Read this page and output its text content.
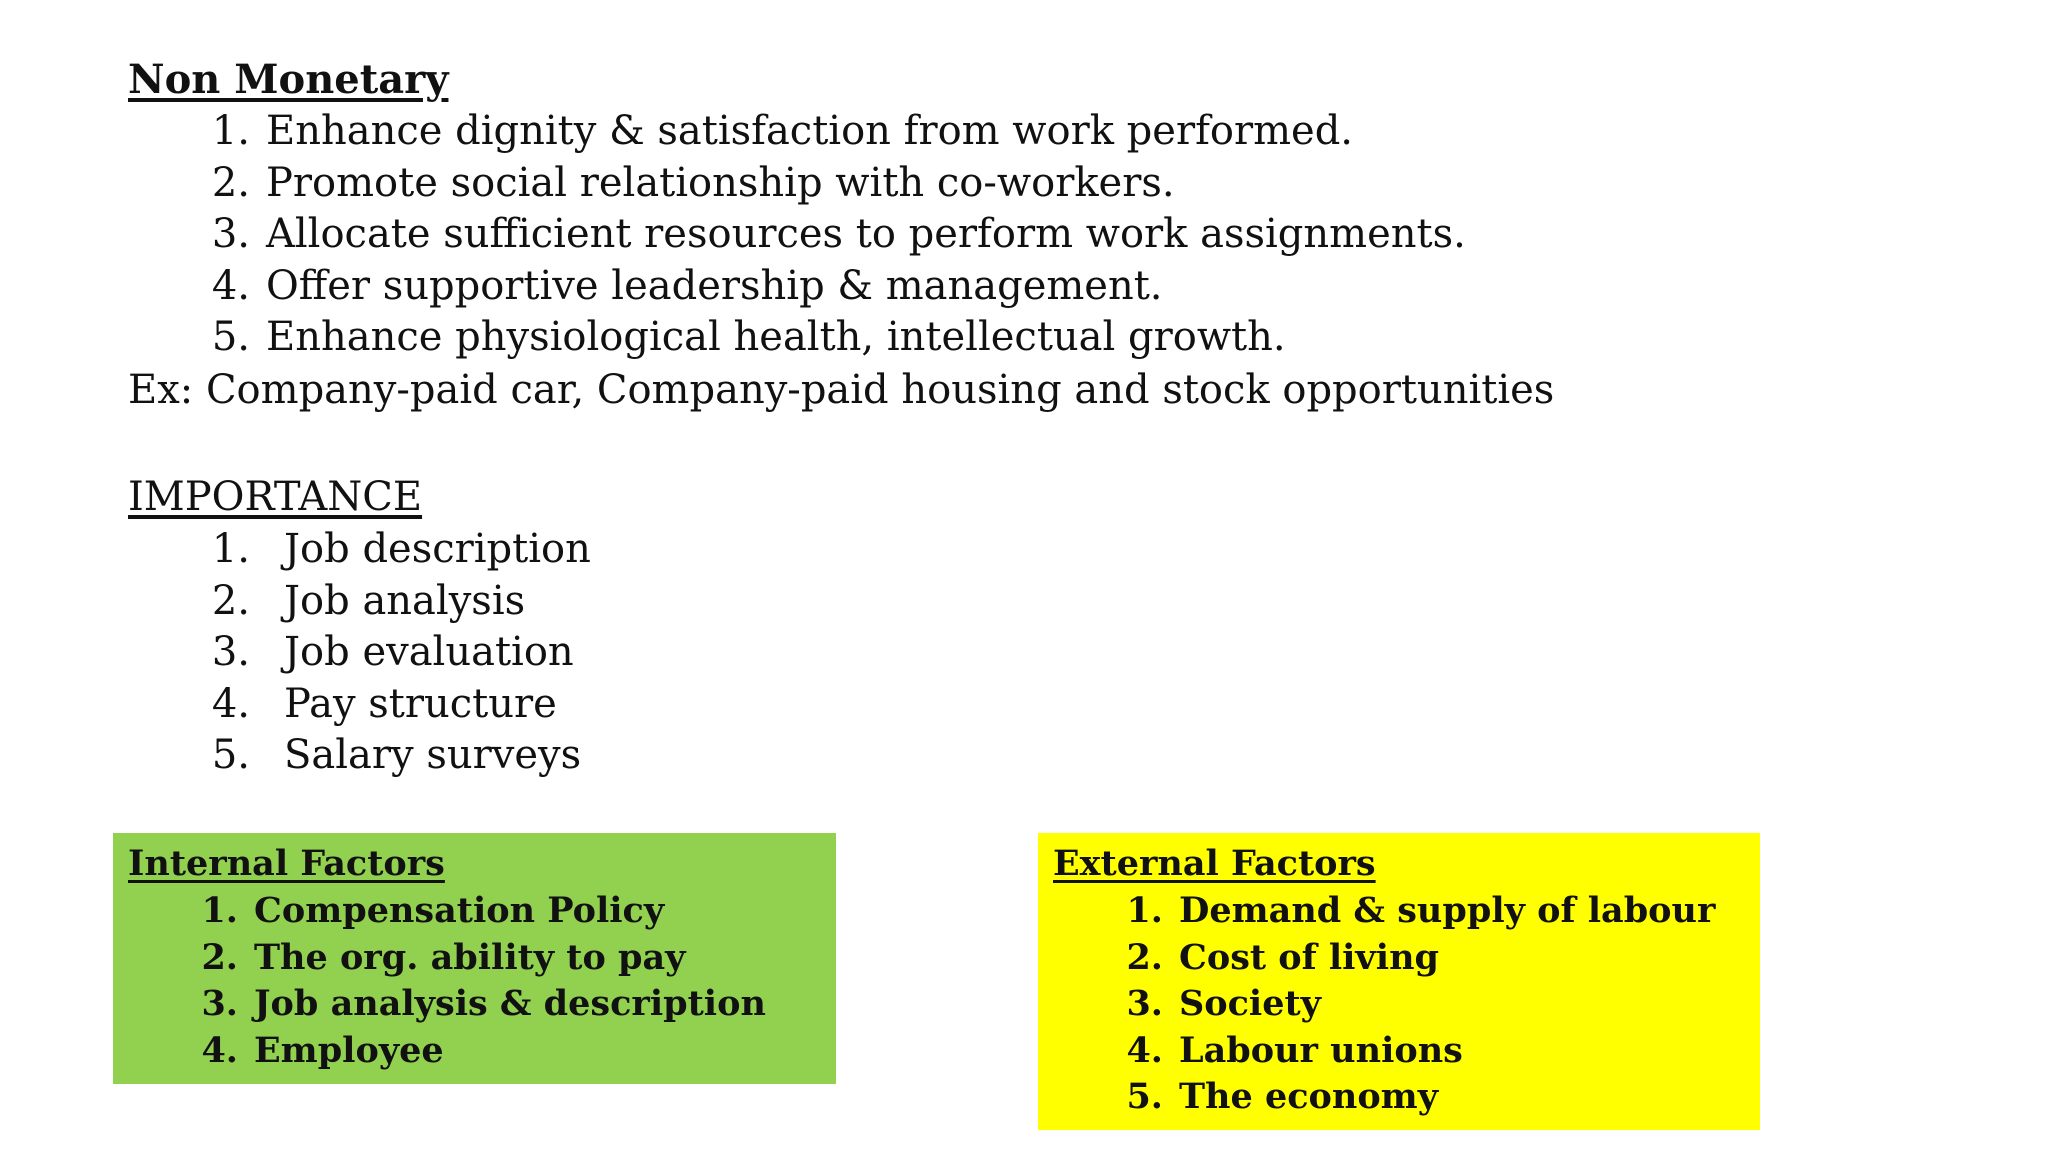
Non Monetary
1. Enhance dignity & satisfaction from work performed.
2. Promote social relationship with co-workers.
3. Allocate sufficient resources to perform work assignments.
4. Offer supportive leadership & management.
5. Enhance physiological health, intellectual growth.
Ex: Company-paid car, Company-paid housing and stock opportunities
IMPORTANCE
1. Job description
2. Job analysis
3. Job evaluation
4. Pay structure
5. Salary surveys
Internal Factors
1. Compensation Policy
2. The org. ability to pay
3. Job analysis & description
4. Employee
External Factors
1. Demand & supply of labour
2. Cost of living
3. Society
4. Labour unions
5. The economy
